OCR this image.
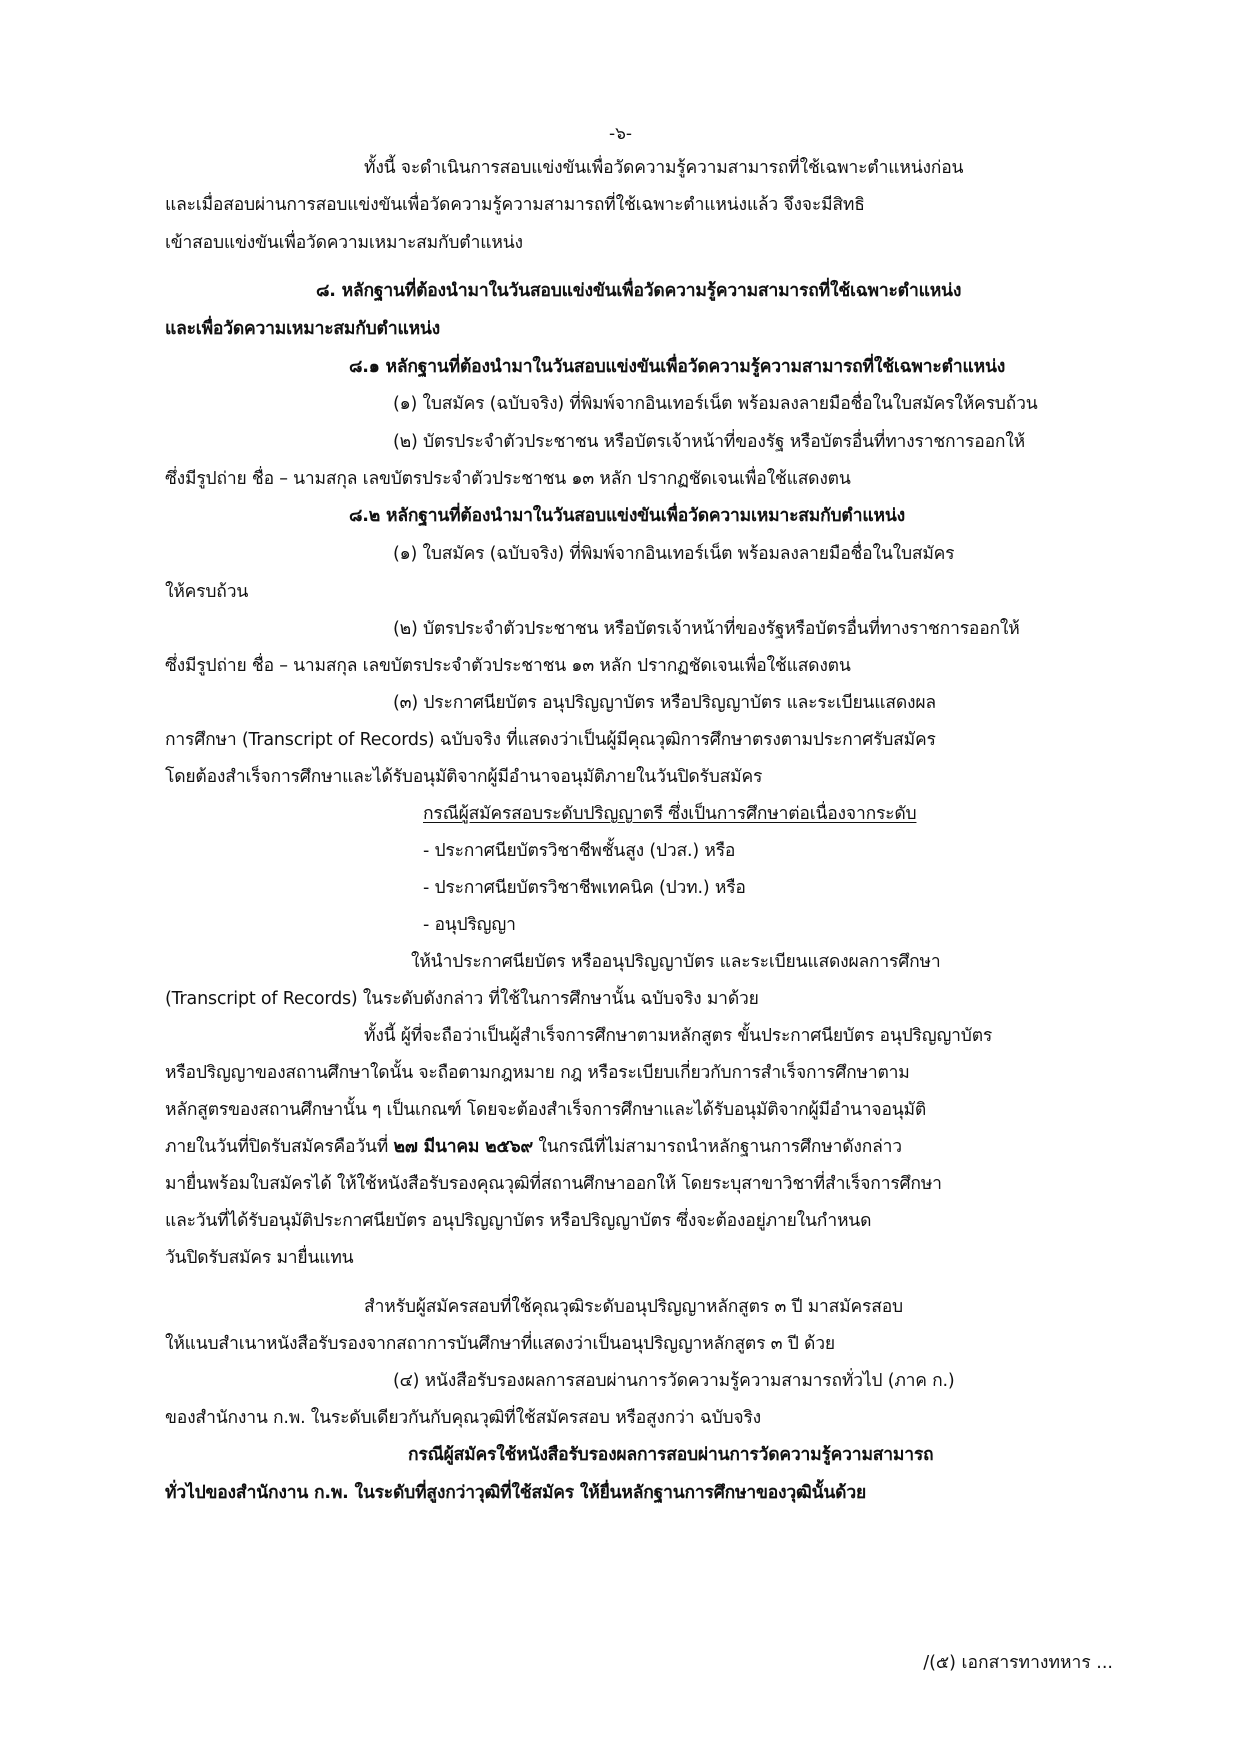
-๖-
ทั้งนี้ จะดำเนินการสอบแข่งขันเพื่อวัดความรู้ความสามารถที่ใช้เฉพาะตำแหน่งก่อน
และเมื่อสอบผ่านการสอบแข่งขันเพื่อวัดความรู้ความสามารถที่ใช้เฉพาะตำแหน่งแล้ว จึงจะมีสิทธิ
เข้าสอบแข่งขันเพื่อวัดความเหมาะสมกับตำแหน่ง
๘. หลักฐานที่ต้องนำมาในวันสอบแข่งขันเพื่อวัดความรู้ความสามารถที่ใช้เฉพาะตำแหน่ง
และเพื่อวัดความเหมาะสมกับตำแหน่ง
๘.๑ หลักฐานที่ต้องนำมาในวันสอบแข่งขันเพื่อวัดความรู้ความสามารถที่ใช้เฉพาะตำแหน่ง
(๑) ใบสมัคร (ฉบับจริง) ที่พิมพ์จากอินเทอร์เน็ต พร้อมลงลายมือชื่อในใบสมัครให้ครบถ้วน
(๒) บัตรประจำตัวประชาชน หรือบัตรเจ้าหน้าที่ของรัฐ หรือบัตรอื่นที่ทางราชการออกให้
ซึ่งมีรูปถ่าย ชื่อ – นามสกุล เลขบัตรประจำตัวประชาชน ๑๓ หลัก ปรากฏชัดเจนเพื่อใช้แสดงตน
๘.๒ หลักฐานที่ต้องนำมาในวันสอบแข่งขันเพื่อวัดความเหมาะสมกับตำแหน่ง
(๑) ใบสมัคร (ฉบับจริง) ที่พิมพ์จากอินเทอร์เน็ต พร้อมลงลายมือชื่อในใบสมัคร
ให้ครบถ้วน
(๒) บัตรประจำตัวประชาชน หรือบัตรเจ้าหน้าที่ของรัฐหรือบัตรอื่นที่ทางราชการออกให้
ซึ่งมีรูปถ่าย ชื่อ – นามสกุล เลขบัตรประจำตัวประชาชน ๑๓ หลัก ปรากฏชัดเจนเพื่อใช้แสดงตน
(๓) ประกาศนียบัตร อนุปริญญาบัตร หรือปริญญาบัตร และระเบียนแสดงผล
การศึกษา (Transcript of Records) ฉบับจริง ที่แสดงว่าเป็นผู้มีคุณวุฒิการศึกษาตรงตามประกาศรับสมัคร
โดยต้องสำเร็จการศึกษาและได้รับอนุมัติจากผู้มีอำนาจอนุมัติภายในวันปิดรับสมัคร
กรณีผู้สมัครสอบระดับปริญญาตรี ซึ่งเป็นการศึกษาต่อเนื่องจากระดับ
- ประกาศนียบัตรวิชาชีพชั้นสูง (ปวส.) หรือ
- ประกาศนียบัตรวิชาชีพเทคนิค (ปวท.) หรือ
- อนุปริญญา
ให้นำประกาศนียบัตร หรืออนุปริญญาบัตร และระเบียนแสดงผลการศึกษา
(Transcript of Records) ในระดับดังกล่าว ที่ใช้ในการศึกษานั้น ฉบับจริง มาด้วย
ทั้งนี้ ผู้ที่จะถือว่าเป็นผู้สำเร็จการศึกษาตามหลักสูตร ขั้นประกาศนียบัตร อนุปริญญาบัตร
หรือปริญญาของสถานศึกษาใดนั้น จะถือตามกฎหมาย กฎ หรือระเบียบเกี่ยวกับการสำเร็จการศึกษาตาม
หลักสูตรของสถานศึกษานั้น ๆ เป็นเกณฑ์ โดยจะต้องสำเร็จการศึกษาและได้รับอนุมัติจากผู้มีอำนาจอนุมัติ
ภายในวันที่ปิดรับสมัครคือวันที่ ๒๗ มีนาคม ๒๕๖๙ ในกรณีที่ไม่สามารถนำหลักฐานการศึกษาดังกล่าว
มายื่นพร้อมใบสมัครได้ ให้ใช้หนังสือรับรองคุณวุฒิที่สถานศึกษาออกให้ โดยระบุสาขาวิชาที่สำเร็จการศึกษา
และวันที่ได้รับอนุมัติประกาศนียบัตร อนุปริญญาบัตร หรือปริญญาบัตร ซึ่งจะต้องอยู่ภายในกำหนด
วันปิดรับสมัคร มายื่นแทน
สำหรับผู้สมัครสอบที่ใช้คุณวุฒิระดับอนุปริญญาหลักสูตร ๓ ปี มาสมัครสอบ
ให้แนบสำเนาหนังสือรับรองจากสถาการบันศึกษาที่แสดงว่าเป็นอนุปริญญาหลักสูตร ๓ ปี ด้วย
(๔) หนังสือรับรองผลการสอบผ่านการวัดความรู้ความสามารถทั่วไป (ภาค ก.)
ของสำนักงาน ก.พ. ในระดับเดียวกันกับคุณวุฒิที่ใช้สมัครสอบ หรือสูงกว่า ฉบับจริง
กรณีผู้สมัครใช้หนังสือรับรองผลการสอบผ่านการวัดความรู้ความสามารถ
ทั่วไปของสำนักงาน ก.พ. ในระดับที่สูงกว่าวุฒิที่ใช้สมัคร ให้ยื่นหลักฐานการศึกษาของวุฒินั้นด้วย
/(๕) เอกสารทางทหาร ...
